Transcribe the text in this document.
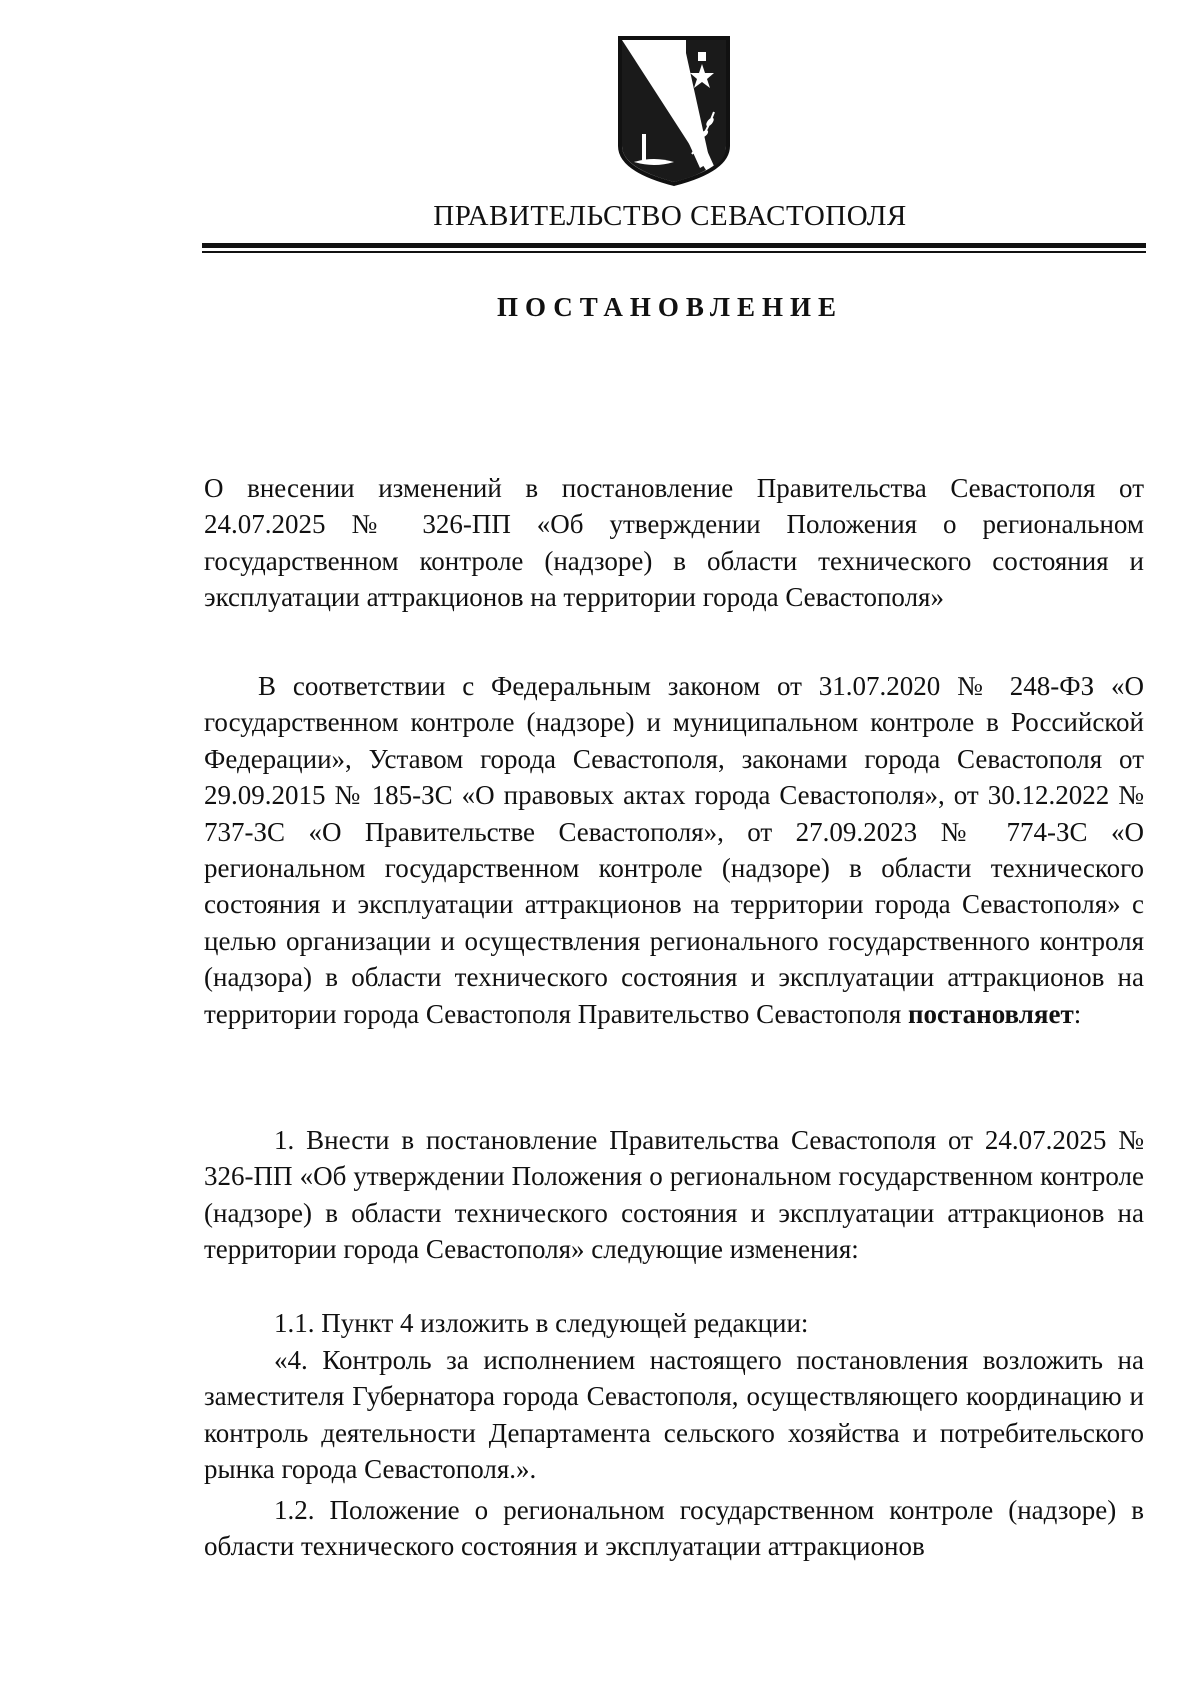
ПРАВИТЕЛЬСТВО СЕВАСТОПОЛЯ
ПОСТАНОВЛЕНИЕ
О внесении изменений в постановление Правительства Севастополя от 24.07.2025 № 326-ПП «Об утверждении Положения о региональном государственном контроле (надзоре) в области технического состояния и эксплуатации аттракционов на территории города Севастополя»
В соответствии с Федеральным законом от 31.07.2020 № 248-ФЗ «О государственном контроле (надзоре) и муниципальном контроле в Российской Федерации», Уставом города Севастополя, законами города Севастополя от 29.09.2015 № 185-ЗС «О правовых актах города Севастополя», от 30.12.2022 № 737-ЗС «О Правительстве Севастополя», от 27.09.2023 № 774-ЗС «О региональном государственном контроле (надзоре) в области технического состояния и эксплуатации аттракционов на территории города Севастополя» с целью организации и осуществления регионального государственного контроля (надзора) в области технического состояния и эксплуатации аттракционов на территории города Севастополя Правительство Севастополя постановляет:
1. Внести в постановление Правительства Севастополя от 24.07.2025 № 326-ПП «Об утверждении Положения о региональном государственном контроле (надзоре) в области технического состояния и эксплуатации аттракционов на территории города Севастополя» следующие изменения:
1.1. Пункт 4 изложить в следующей редакции:
«4. Контроль за исполнением настоящего постановления возложить на заместителя Губернатора города Севастополя, осуществляющего координацию и контроль деятельности Департамента сельского хозяйства и потребительского рынка города Севастополя.».
1.2. Положение о региональном государственном контроле (надзоре) в области технического состояния и эксплуатации аттракционов
